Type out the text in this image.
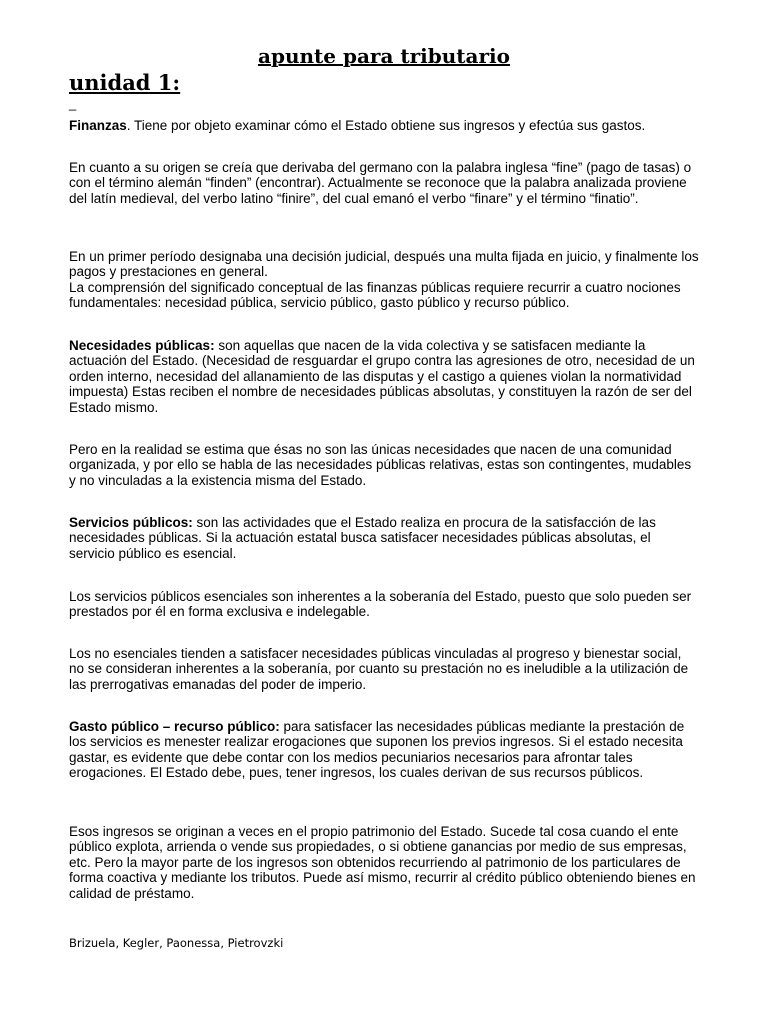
apunte para tributario
unidad 1:
_

Finanzas. Tiene por objeto examinar cómo el Estado obtiene sus ingresos y efectúa sus gastos.

En cuanto a su origen se creía que derivaba del germano con la palabra inglesa “fine” (pago de tasas) o con el término alemán “finden” (encontrar). Actualmente se reconoce que la palabra analizada proviene del latín medieval, del verbo latino “finire”, del cual emanó el verbo “finare” y el término “finatio”.

En un primer período designaba una decisión judicial, después una multa fijada en juicio, y finalmente los pagos y prestaciones en general.
La comprensión del significado conceptual de las finanzas públicas requiere recurrir a cuatro nociones fundamentales: necesidad pública, servicio público, gasto público y recurso público.

Necesidades públicas: son aquellas que nacen de la vida colectiva y se satisfacen mediante la actuación del Estado. (Necesidad de resguardar el grupo contra las agresiones de otro, necesidad de un orden interno, necesidad del allanamiento de las disputas y el castigo a quienes violan la normatividad impuesta) Estas reciben el nombre de necesidades públicas absolutas, y constituyen la razón de ser del Estado mismo.

Pero en la realidad se estima que ésas no son las únicas necesidades que nacen de una comunidad organizada, y por ello se habla de las necesidades públicas relativas, estas son contingentes, mudables y no vinculadas a la existencia misma del Estado.

Servicios públicos: son las actividades que el Estado realiza en procura de la satisfacción de las necesidades públicas. Si la actuación estatal busca satisfacer necesidades públicas absolutas, el servicio público es esencial.

Los servicios públicos esenciales son inherentes a la soberanía del Estado, puesto que solo pueden ser prestados por él en forma exclusiva e indelegable.

Los no esenciales tienden a satisfacer necesidades públicas vinculadas al progreso y bienestar social, no se consideran inherentes a la soberanía, por cuanto su prestación no es ineludible a la utilización de las prerrogativas emanadas del poder de imperio.

Gasto público – recurso público: para satisfacer las necesidades públicas mediante la prestación de los servicios es menester realizar erogaciones que suponen los previos ingresos. Si el estado necesita gastar, es evidente que debe contar con los medios pecuniarios necesarios para afrontar tales erogaciones. El Estado debe, pues, tener ingresos, los cuales derivan de sus recursos públicos.

Esos ingresos se originan a veces en el propio patrimonio del Estado. Sucede tal cosa cuando el ente público explota, arrienda o vende sus propiedades, o si obtiene ganancias por medio de sus empresas, etc. Pero la mayor parte de los ingresos son obtenidos recurriendo al patrimonio de los particulares de forma coactiva y mediante los tributos. Puede así mismo, recurrir al crédito público obteniendo bienes en calidad de préstamo.

Brizuela, Kegler, Paonessa, Pietrovzki
